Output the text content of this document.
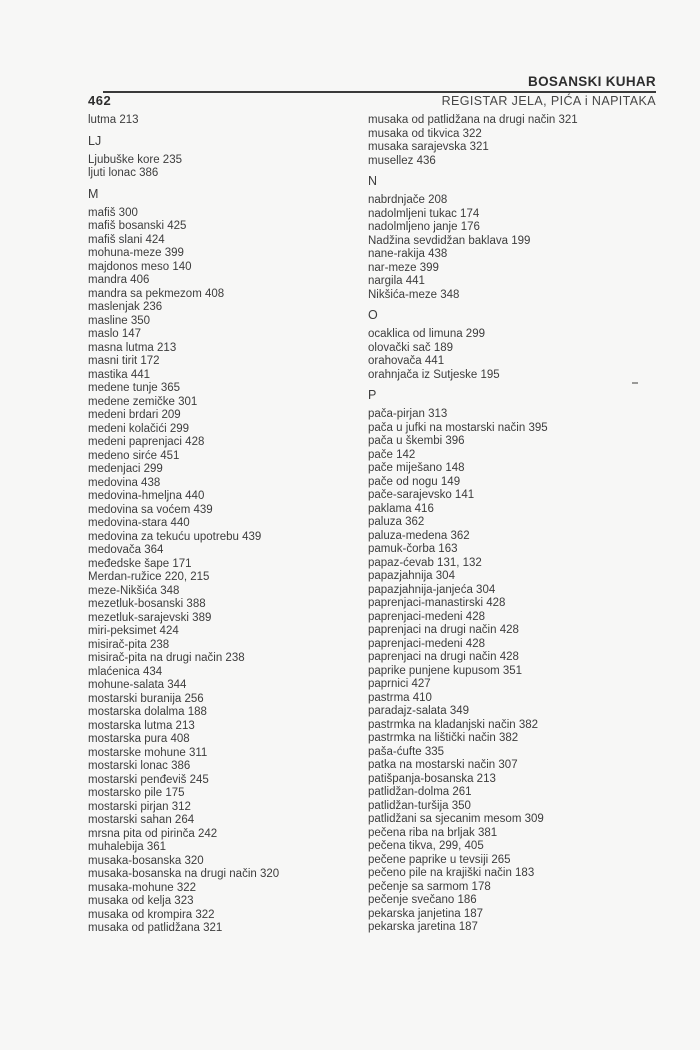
BOSANSKI KUHAR
462	REGISTAR JELA, PIĆA i NAPITAKA
lutma 213
LJ
Ljubuške kore 235
ljuti lonac 386
M
mafiš 300
mafiš bosanski 425
mafiš slani 424
mohuna-meze 399
majdonos meso 140
mandra 406
mandra sa pekmezom 408
maslenjak 236
masline 350
maslo 147
masna lutma 213
masni tirit 172
mastika 441
medene tunje 365
medene zemičke 301
medeni brdari 209
medeni kolačići 299
medeni paprenjaci 428
medeno sirće 451
medenjaci 299
medovina 438
medovina-hmeljna 440
medovina sa voćem 439
medovina-stara 440
medovina za tekuću upotrebu 439
medovača 364
međedske šape 171
Merdan-ružice 220, 215
meze-Nikšića 348
mezetluk-bosanski 388
mezetluk-sarajevski 389
miri-peksimet 424
misirač-pita 238
misirač-pita na drugi način 238
mlaćenica 434
mohune-salata 344
mostarski buranija 256
mostarska dolalma 188
mostarska lutma 213
mostarska pura 408
mostarske mohune 311
mostarski lonac 386
mostarski penđeviš 245
mostarsko pile 175
mostarski pirjan 312
mostarski sahan 264
mrsna pita od pirinča 242
muhalebija 361
musaka-bosanska 320
musaka-bosanska na drugi način 320
musaka-mohune 322
musaka od kelja 323
musaka od krompira 322
musaka od patlidžana 321
musaka od patlidžana na drugi način 321
musaka od tikvica 322
musaka sarajevska 321
musellez 436
N
nabrdnjače 208
nadolmljeni tukac 174
nadolmljeno janje 176
Nadžina sevdidžan baklava 199
nane-rakija 438
nar-meze 399
nargila 441
Nikšića-meze 348
O
ocaklica od limuna 299
olovački sač 189
orahovača 441
orahnjača iz Sutjeske 195
P
pača-pirjan 313
pača u jufki na mostarski način 395
pača u škembi 396
pače 142
pače miješano 148
pače od nogu 149
pače-sarajevsko 141
paklama 416
paluza 362
paluza-medena 362
pamuk-čorba 163
papaz-ćevab 131, 132
papazjahnija 304
papazjahnija-janjeća 304
paprenjaci-manastirski 428
paprenjaci-medeni 428
paprenjaci na drugi način 428
paprenjaci-medeni 428
paprenjaci na drugi način 428
paprike punjene kupusom 351
paprnici 427
pastrma 410
paradajz-salata 349
pastrmka na kladanjski način 382
pastrmka na lištički način 382
paša-ćufte 335
patka na mostarski način 307
patišpanja-bosanska 213
patlidžan-dolma 261
patlidžan-turšija 350
patlidžani sa sjecanim mesom 309
pečena riba na brljak 381
pečena tikva, 299, 405
pečene paprike u tevsiji 265
pečeno pile na krajiški način 183
pečenje sa sarmom 178
pečenje svečano 186
pekarska janjetina 187
pekarska jaretina 187
